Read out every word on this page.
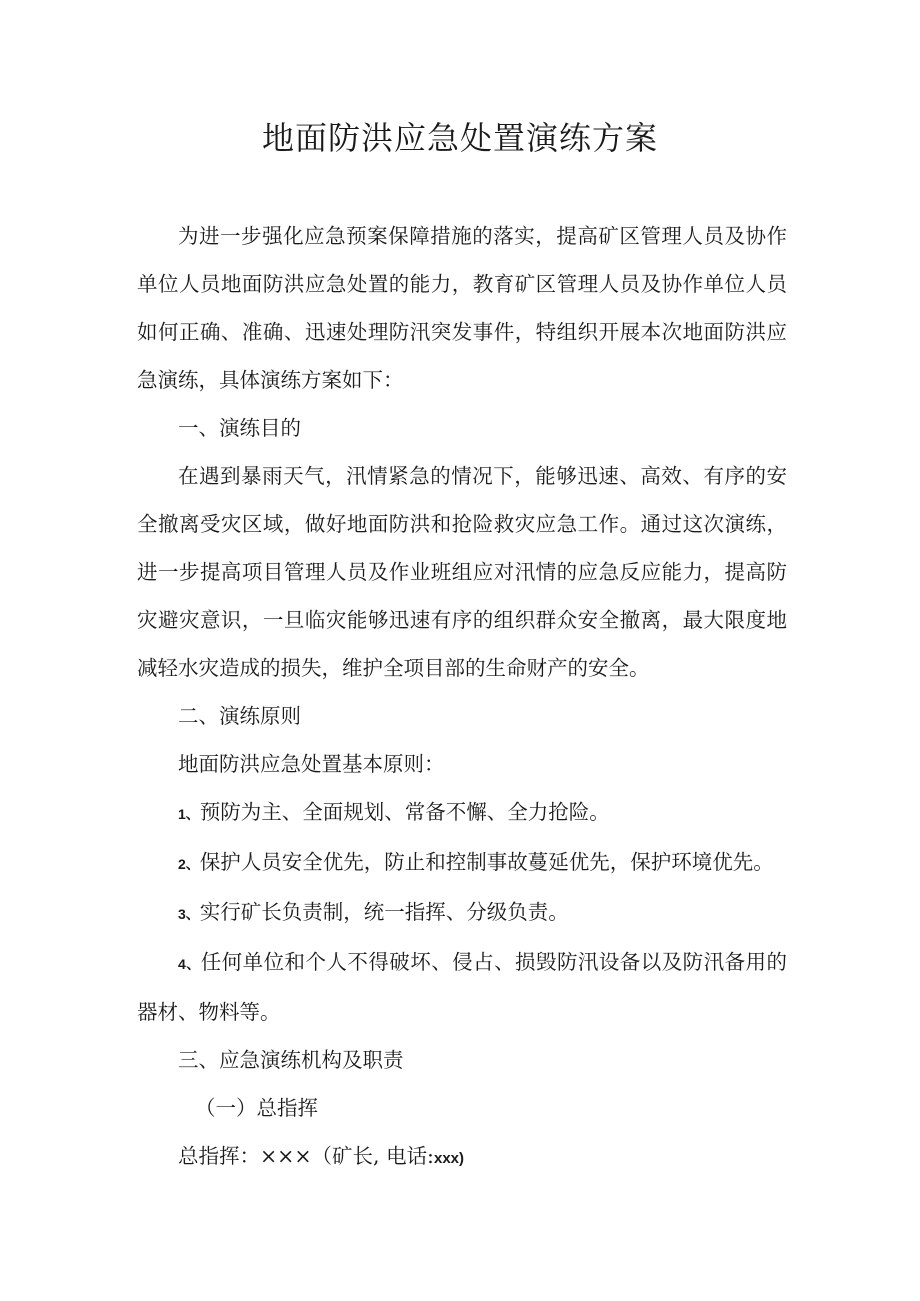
地面防洪应急处置演练方案

为进一步强化应急预案保障措施的落实，提高矿区管理人员及协作单位人员地面防洪应急处置的能力，教育矿区管理人员及协作单位人员如何正确、准确、迅速处理防汛突发事件，特组织开展本次地面防洪应急演练，具体演练方案如下：

一、演练目的

在遇到暴雨天气，汛情紧急的情况下，能够迅速、高效、有序的安全撤离受灾区域，做好地面防洪和抢险救灾应急工作。通过这次演练，进一步提高项目管理人员及作业班组应对汛情的应急反应能力，提高防灾避灾意识，一旦临灾能够迅速有序的组织群众安全撤离，最大限度地减轻水灾造成的损失，维护全项目部的生命财产的安全。

二、演练原则

地面防洪应急处置基本原则：

1、预防为主、全面规划、常备不懈、全力抢险。

2、保护人员安全优先，防止和控制事故蔓延优先，保护环境优先。

3、实行矿长负责制，统一指挥、分级负责。

4、任何单位和个人不得破坏、侵占、损毁防汛设备以及防汛备用的器材、物料等。

三、应急演练机构及职责

（一）总指挥

总指挥：×××（矿长, 电话:xxx)
